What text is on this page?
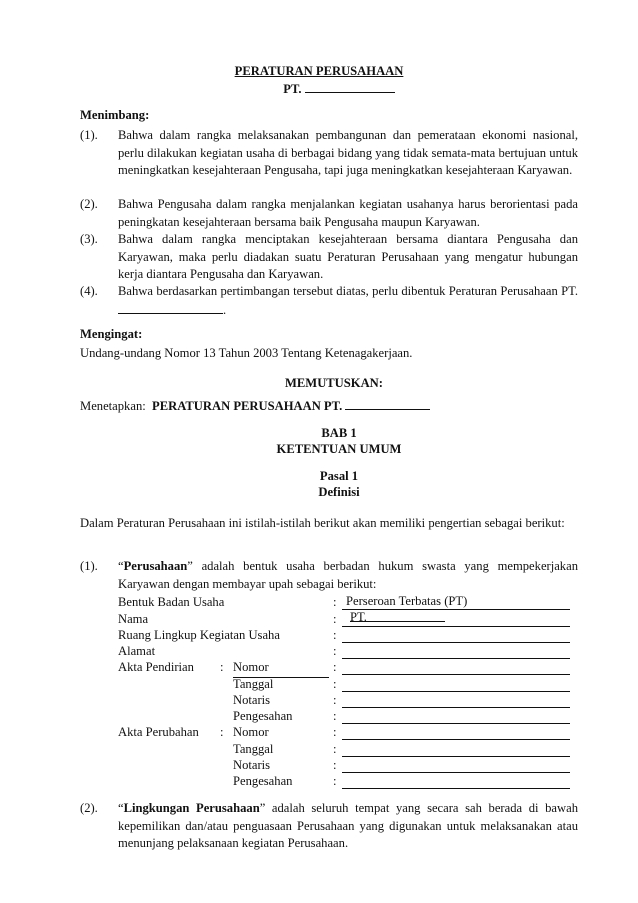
PERATURAN PERUSAHAAN
PT.
Menimbang:
(1). Bahwa dalam rangka melaksanakan pembangunan dan pemerataan ekonomi nasional, perlu dilakukan kegiatan usaha di berbagai bidang yang tidak semata-mata bertujuan untuk meningkatkan kesejahteraan Pengusaha, tapi juga meningkatkan kesejahteraan Karyawan.
(2). Bahwa Pengusaha dalam rangka menjalankan kegiatan usahanya harus berorientasi pada peningkatan kesejahteraan bersama baik Pengusaha maupun Karyawan.
(3). Bahwa dalam rangka menciptakan kesejahteraan bersama diantara Pengusaha dan Karyawan, maka perlu diadakan suatu Peraturan Perusahaan yang mengatur hubungan kerja diantara Pengusaha dan Karyawan.
(4). Bahwa berdasarkan pertimbangan tersebut diatas, perlu dibentuk Peraturan Perusahaan PT. .
Mengingat:
Undang-undang Nomor 13 Tahun 2003 Tentang Ketenagakerjaan.
MEMUTUSKAN:
Menetapkan: PERATURAN PERUSAHAAN PT.
BAB 1
KETENTUAN UMUM
Pasal 1
Definisi
Dalam Peraturan Perusahaan ini istilah-istilah berikut akan memiliki pengertian sebagai berikut:
(1). “Perusahaan” adalah bentuk usaha berbadan hukum swasta yang mempekerjakan Karyawan dengan membayar upah sebagai berikut:
Bentuk Badan Usaha	: Perseroan Terbatas (PT)
Nama	: PT.
Ruang Lingkup Kegiatan Usaha	:
Alamat	:
Akta Pendirian : Nomor	:
Tanggal	:
Notaris	:
Pengesahan	:
Akta Perubahan : Nomor	:
Tanggal	:
Notaris	:
Pengesahan	:
(2). “Lingkungan Perusahaan” adalah seluruh tempat yang secara sah berada di bawah kepemilikan dan/atau penguasaan Perusahaan yang digunakan untuk melaksanakan atau menunjang pelaksanaan kegiatan Perusahaan.
